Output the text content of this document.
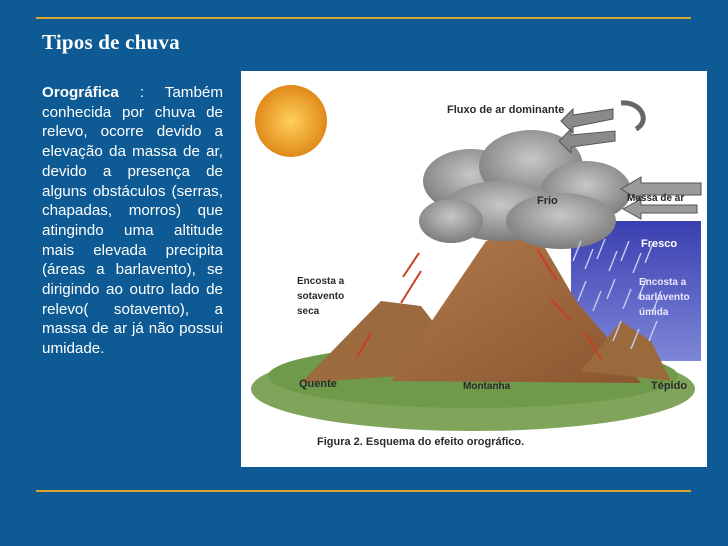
Tipos de chuva
Orográfica : Também conhecida por chuva de relevo, ocorre devido a elevação da massa de ar, devido a presença de alguns obstáculos (serras, chapadas, morros) que atingindo uma altitude mais elevada precipita (áreas a barlavento), se dirigindo ao outro lado de relevo( sotavento), a massa de ar já não possui umidade.
Fluxo de ar dominante
Frio	Massa de ar
Fresco
Encosta a
sotavento
seca
Encosta a
barlavento
úmida
Quente	Montanha	Tépido
Figura 2. Esquema do efeito orográfico.
